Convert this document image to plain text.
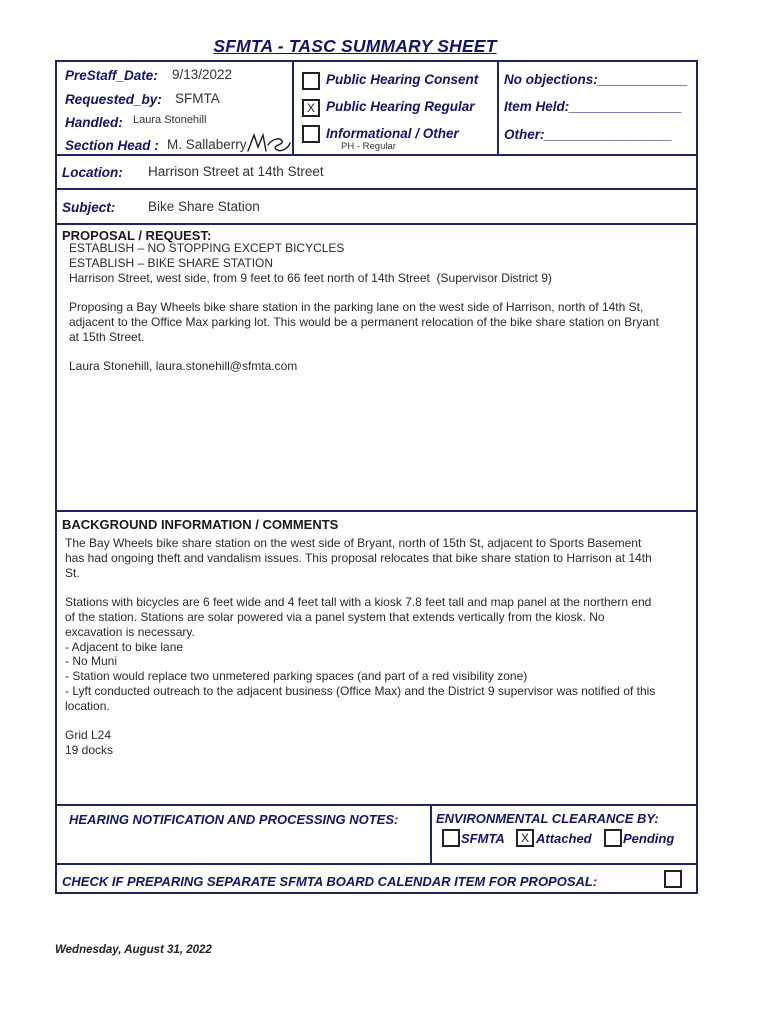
SFMTA - TASC SUMMARY SHEET
PreStaff_Date: 9/13/2022
Requested_by: SFMTA
Handled: Laura Stonehill
Section Head : M. Sallaberry
Public Hearing Consent
X Public Hearing Regular
Informational / Other
PH - Regular
No objections:____________
Item Held:_______________
Other:_________________
Location: Harrison Street at 14th Street
Subject: Bike Share Station
PROPOSAL / REQUEST:
ESTABLISH – NO STOPPING EXCEPT BICYCLES
ESTABLISH – BIKE SHARE STATION
Harrison Street, west side, from 9 feet to 66 feet north of 14th Street  (Supervisor District 9)

Proposing a Bay Wheels bike share station in the parking lane on the west side of Harrison, north of 14th St,
adjacent to the Office Max parking lot. This would be a permanent relocation of the bike share station on Bryant
at 15th Street.

Laura Stonehill, laura.stonehill@sfmta.com
BACKGROUND INFORMATION / COMMENTS
The Bay Wheels bike share station on the west side of Bryant, north of 15th St, adjacent to Sports Basement
has had ongoing theft and vandalism issues. This proposal relocates that bike share station to Harrison at 14th
St.

Stations with bicycles are 6 feet wide and 4 feet tall with a kiosk 7.8 feet tall and map panel at the northern end
of the station. Stations are solar powered via a panel system that extends vertically from the kiosk. No
excavation is necessary.
- Adjacent to bike lane
- No Muni
- Station would replace two unmetered parking spaces (and part of a red visibility zone)
- Lyft conducted outreach to the adjacent business (Office Max) and the District 9 supervisor was notified of this
location.

Grid L24
19 docks
HEARING NOTIFICATION AND PROCESSING NOTES:	ENVIRONMENTAL CLEARANCE BY:
SFMTA	X Attached Pending
CHECK IF PREPARING SEPARATE SFMTA BOARD CALENDAR ITEM FOR PROPOSAL:
Wednesday, August 31, 2022
